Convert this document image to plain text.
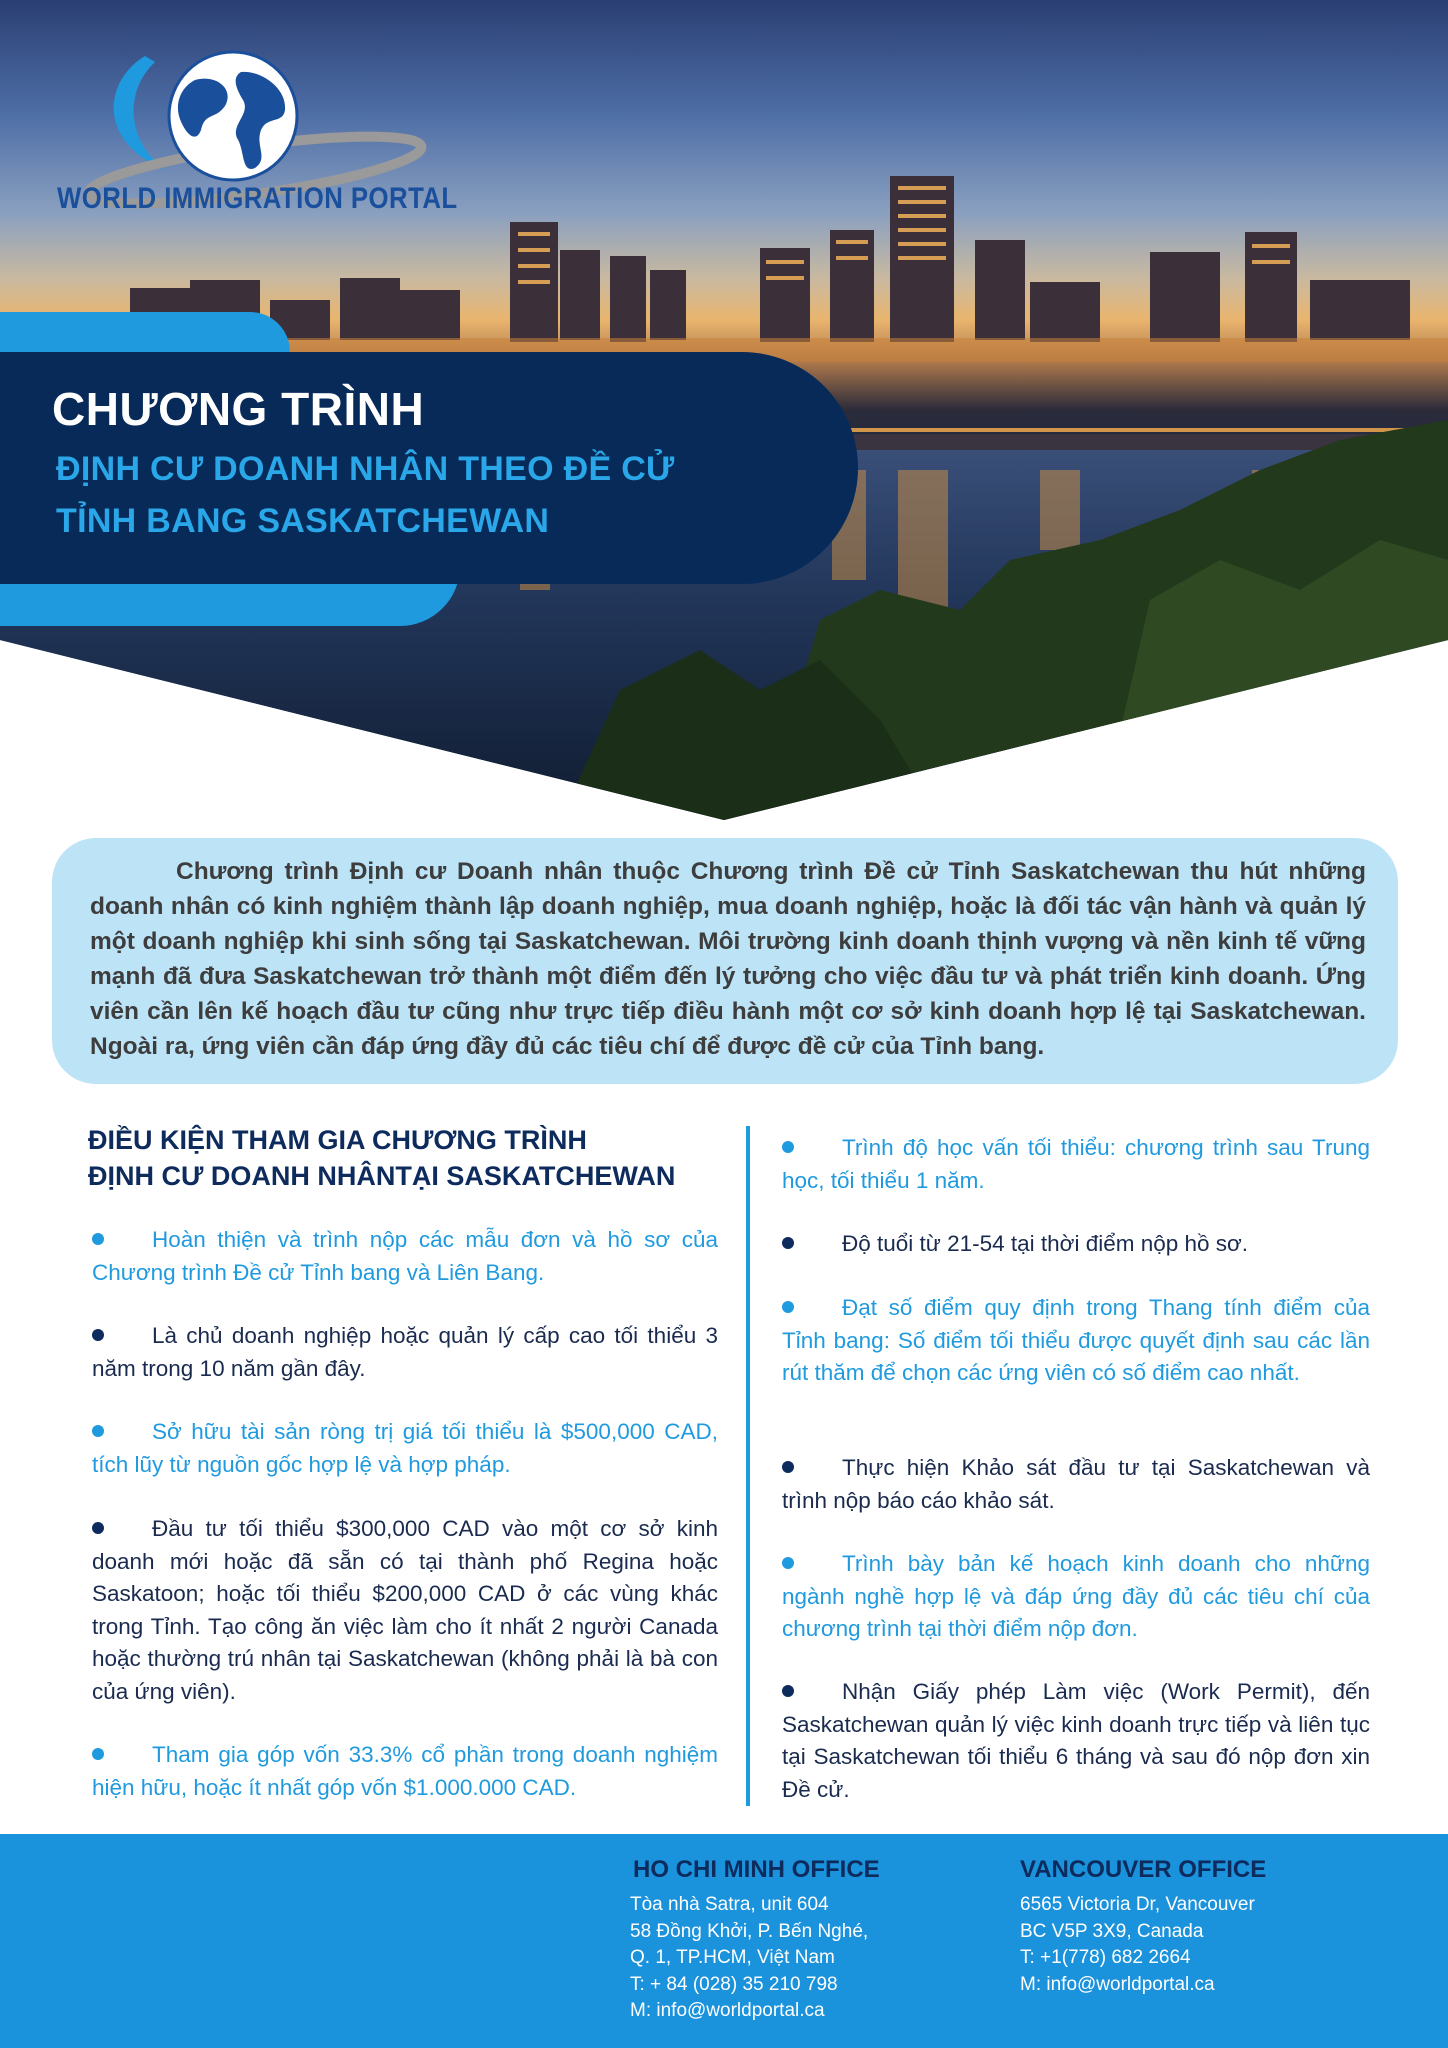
WORLD IMMIGRATION PORTAL
CHƯƠNG TRÌNH
ĐỊNH CƯ DOANH NHÂN THEO ĐỀ CỬ
TỈNH BANG SASKATCHEWAN

Chương trình Định cư Doanh nhân thuộc Chương trình Đề cử Tỉnh Saskatchewan thu hút những doanh nhân có kinh nghiệm thành lập doanh nghiệp, mua doanh nghiệp, hoặc là đối tác vận hành và quản lý một doanh nghiệp khi sinh sống tại Saskatchewan. Môi trường kinh doanh thịnh vượng và nền kinh tế vững mạnh đã đưa Saskatchewan trở thành một điểm đến lý tưởng cho việc đầu tư và phát triển kinh doanh. Ứng viên cần lên kế hoạch đầu tư cũng như trực tiếp điều hành một cơ sở kinh doanh hợp lệ tại Saskatchewan. Ngoài ra, ứng viên cần đáp ứng đầy đủ các tiêu chí để được đề cử của Tỉnh bang.

ĐIỀU KIỆN THAM GIA CHƯƠNG TRÌNH
ĐỊNH CƯ DOANH NHÂNTẠI SASKATCHEWAN
Hoàn thiện và trình nộp các mẫu đơn và hồ sơ của Chương trình Đề cử Tỉnh bang và Liên Bang.
Là chủ doanh nghiệp hoặc quản lý cấp cao tối thiểu 3 năm trong 10 năm gần đây.
Sở hữu tài sản ròng trị giá tối thiểu là $500,000 CAD, tích lũy từ nguồn gốc hợp lệ và hợp pháp.
Đầu tư tối thiểu $300,000 CAD vào một cơ sở kinh doanh mới hoặc đã sẵn có tại thành phố Regina hoặc Saskatoon; hoặc tối thiểu $200,000 CAD ở các vùng khác trong Tỉnh. Tạo công ăn việc làm cho ít nhất 2 người Canada hoặc thường trú nhân tại Saskatchewan (không phải là bà con của ứng viên).
Tham gia góp vốn 33.3% cổ phần trong doanh nghiệm hiện hữu, hoặc ít nhất góp vốn $1.000.000 CAD.
Trình độ học vấn tối thiểu: chương trình sau Trung học, tối thiểu 1 năm.
Độ tuổi từ 21-54 tại thời điểm nộp hồ sơ.
Đạt số điểm quy định trong Thang tính điểm của Tỉnh bang: Số điểm tối thiểu được quyết định sau các lần rút thăm để chọn các ứng viên có số điểm cao nhất.
Thực hiện Khảo sát đầu tư tại Saskatchewan và trình nộp báo cáo khảo sát.
Trình bày bản kế hoạch kinh doanh cho những ngành nghề hợp lệ và đáp ứng đầy đủ các tiêu chí của chương trình tại thời điểm nộp đơn.
Nhận Giấy phép Làm việc (Work Permit), đến Saskatchewan quản lý việc kinh doanh trực tiếp và liên tục tại Saskatchewan tối thiểu 6 tháng và sau đó nộp đơn xin Đề cử.
HO CHI MINH OFFICE
Tòa nhà Satra, unit 604
58 Đồng Khởi, P. Bến Nghé,
Q. 1, TP.HCM, Việt Nam
T: + 84 (028) 35 210 798
M: info@worldportal.ca
VANCOUVER OFFICE
6565 Victoria Dr, Vancouver
BC V5P 3X9, Canada
T: +1(778) 682 2664
M: info@worldportal.ca
